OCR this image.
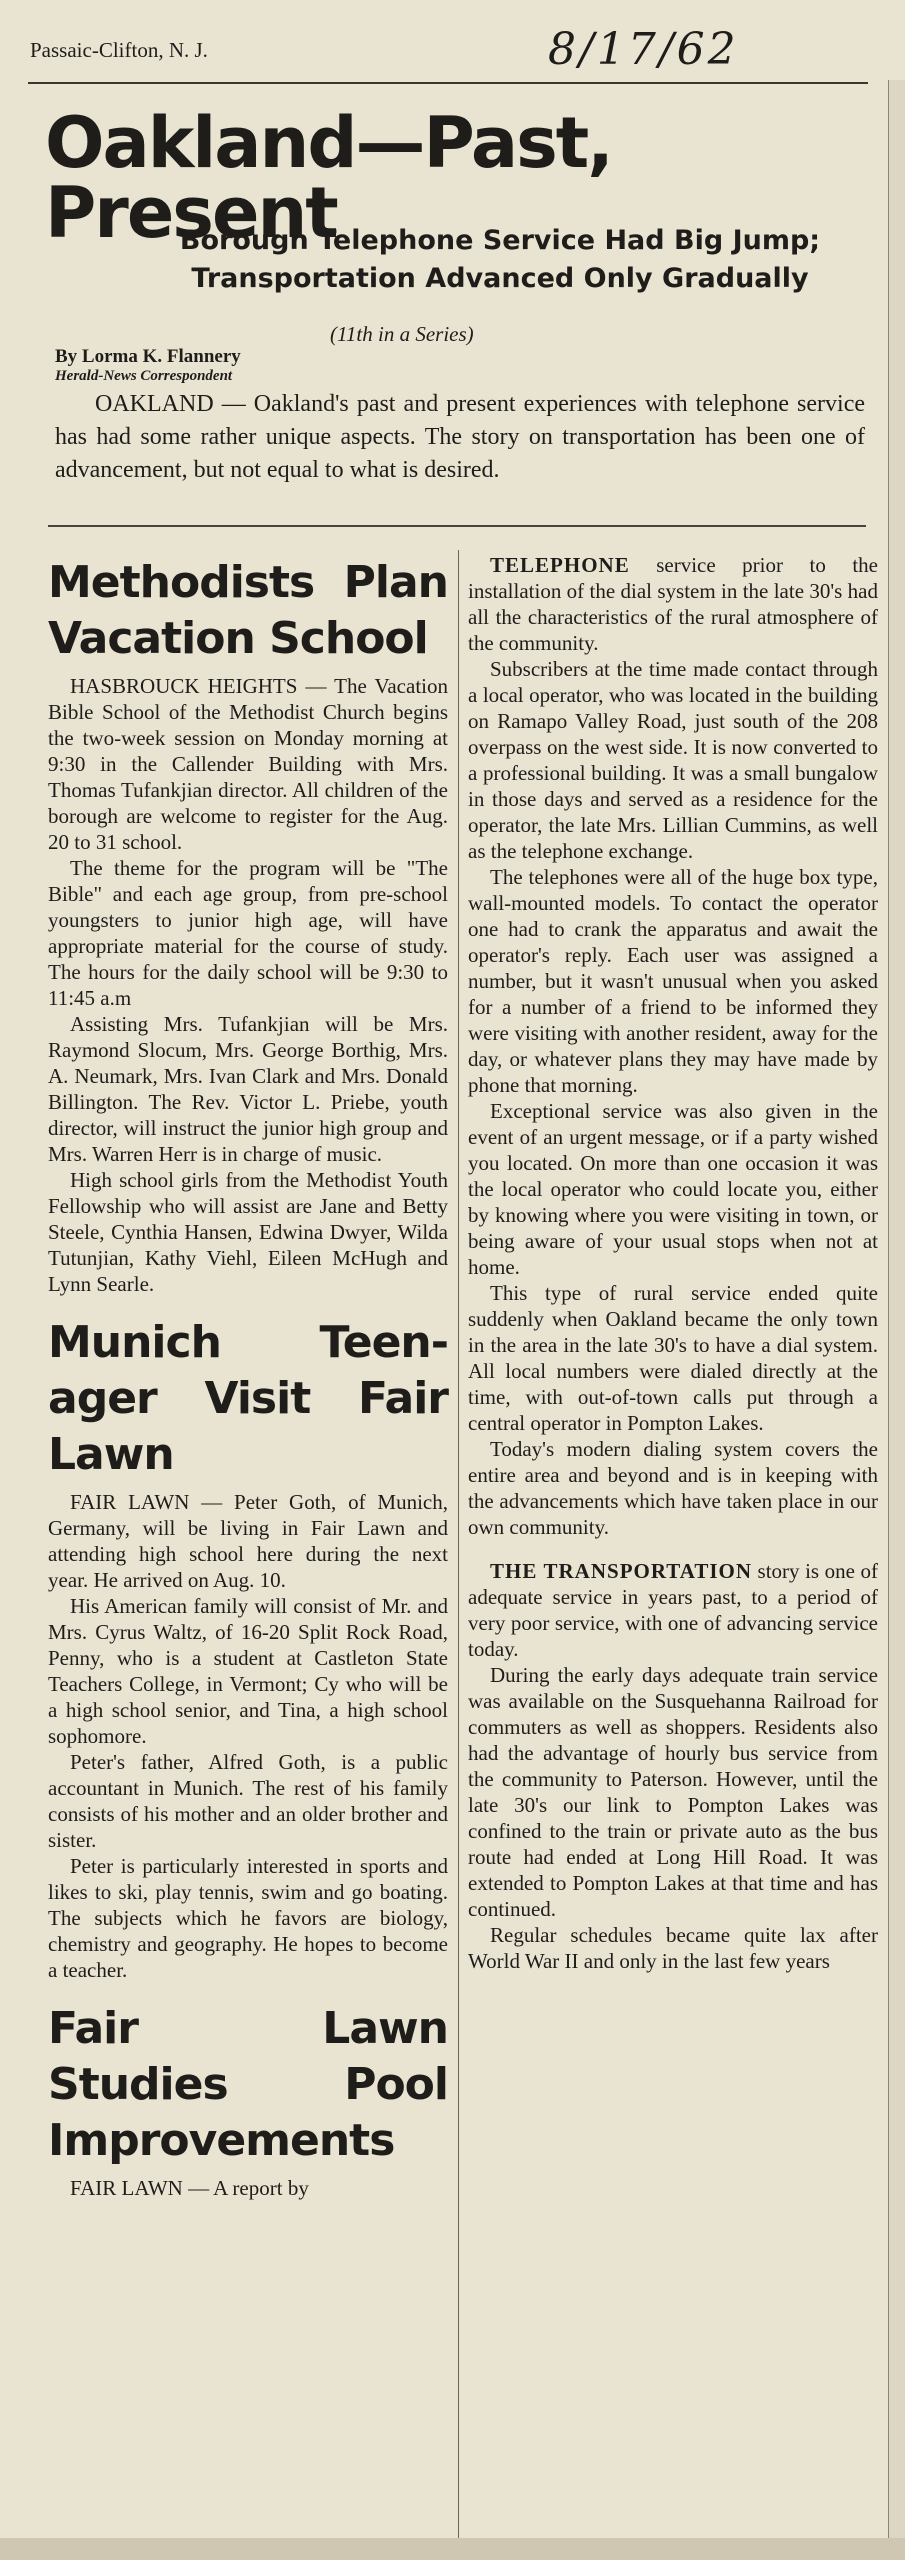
Passaic-Clifton, N. J.	8/17/62
Oakland—Past, Present
Borough Telephone Service Had Big Jump;
Transportation Advanced Only Gradually
(11th in a Series)
By Lorma K. Flannery
Herald-News Correspondent

OAKLAND — Oakland's past and present experiences with telephone service has had some rather unique aspects. The story on transportation has been one of advancement, but not equal to what is desired.

Methodists Plan Vacation School

HASBROUCK HEIGHTS — The Vacation Bible School of the Methodist Church begins the two-week session on Monday morning at 9:30 in the Callender Building with Mrs. Thomas Tufankjian director. All children of the borough are welcome to register for the Aug. 20 to 31 school.

The theme for the program will be "The Bible" and each age group, from pre-school youngsters to junior high age, will have appropriate material for the course of study. The hours for the daily school will be 9:30 to 11:45 a.m

Assisting Mrs. Tufankjian will be Mrs. Raymond Slocum, Mrs. George Borthig, Mrs. A. Neumark, Mrs. Ivan Clark and Mrs. Donald Billington. The Rev. Victor L. Priebe, youth director, will instruct the junior high group and Mrs. Warren Herr is in charge of music.

High school girls from the Methodist Youth Fellowship who will assist are Jane and Betty Steele, Cynthia Hansen, Edwina Dwyer, Wilda Tutunjian, Kathy Viehl, Eileen McHugh and Lynn Searle.

Munich Teen-ager Visit Fair Lawn

FAIR LAWN — Peter Goth, of Munich, Germany, will be living in Fair Lawn and attending high school here during the next year. He arrived on Aug. 10.

His American family will consist of Mr. and Mrs. Cyrus Waltz, of 16-20 Split Rock Road, Penny, who is a student at Castleton State Teachers College, in Vermont; Cy who will be a high school senior, and Tina, a high school sophomore.

Peter's father, Alfred Goth, is a public accountant in Munich. The rest of his family consists of his mother and an older brother and sister.

Peter is particularly interested in sports and likes to ski, play tennis, swim and go boating. The subjects which he favors are biology, chemistry and geography. He hopes to become a teacher.

Fair Lawn Studies Pool Improvements

FAIR LAWN — A report by

TELEPHONE service prior to the installation of the dial system in the late 30's had all the characteristics of the rural atmosphere of the community.

Subscribers at the time made contact through a local operator, who was located in the building on Ramapo Valley Road, just south of the 208 overpass on the west side. It is now converted to a professional building. It was a small bungalow in those days and served as a residence for the operator, the late Mrs. Lillian Cummins, as well as the telephone exchange.

The telephones were all of the huge box type, wall-mounted models. To contact the operator one had to crank the apparatus and await the operator's reply. Each user was assigned a number, but it wasn't unusual when you asked for a number of a friend to be informed they were visiting with another resident, away for the day, or whatever plans they may have made by phone that morning.

Exceptional service was also given in the event of an urgent message, or if a party wished you located. On more than one occasion it was the local operator who could locate you, either by knowing where you were visiting in town, or being aware of your usual stops when not at home.

This type of rural service ended quite suddenly when Oakland became the only town in the area in the late 30's to have a dial system. All local numbers were dialed directly at the time, with out-of-town calls put through a central operator in Pompton Lakes.

Today's modern dialing system covers the entire area and beyond and is in keeping with the advancements which have taken place in our own community.

THE TRANSPORTATION story is one of adequate service in years past, to a period of very poor service, with one of advancing service today.

During the early days adequate train service was available on the Susquehanna Railroad for commuters as well as shoppers. Residents also had the advantage of hourly bus service from the community to Paterson. However, until the late 30's our link to Pompton Lakes was confined to the train or private auto as the bus route had ended at Long Hill Road. It was extended to Pompton Lakes at that time and has continued.

Regular schedules became quite lax after World War II and only in the last few years
